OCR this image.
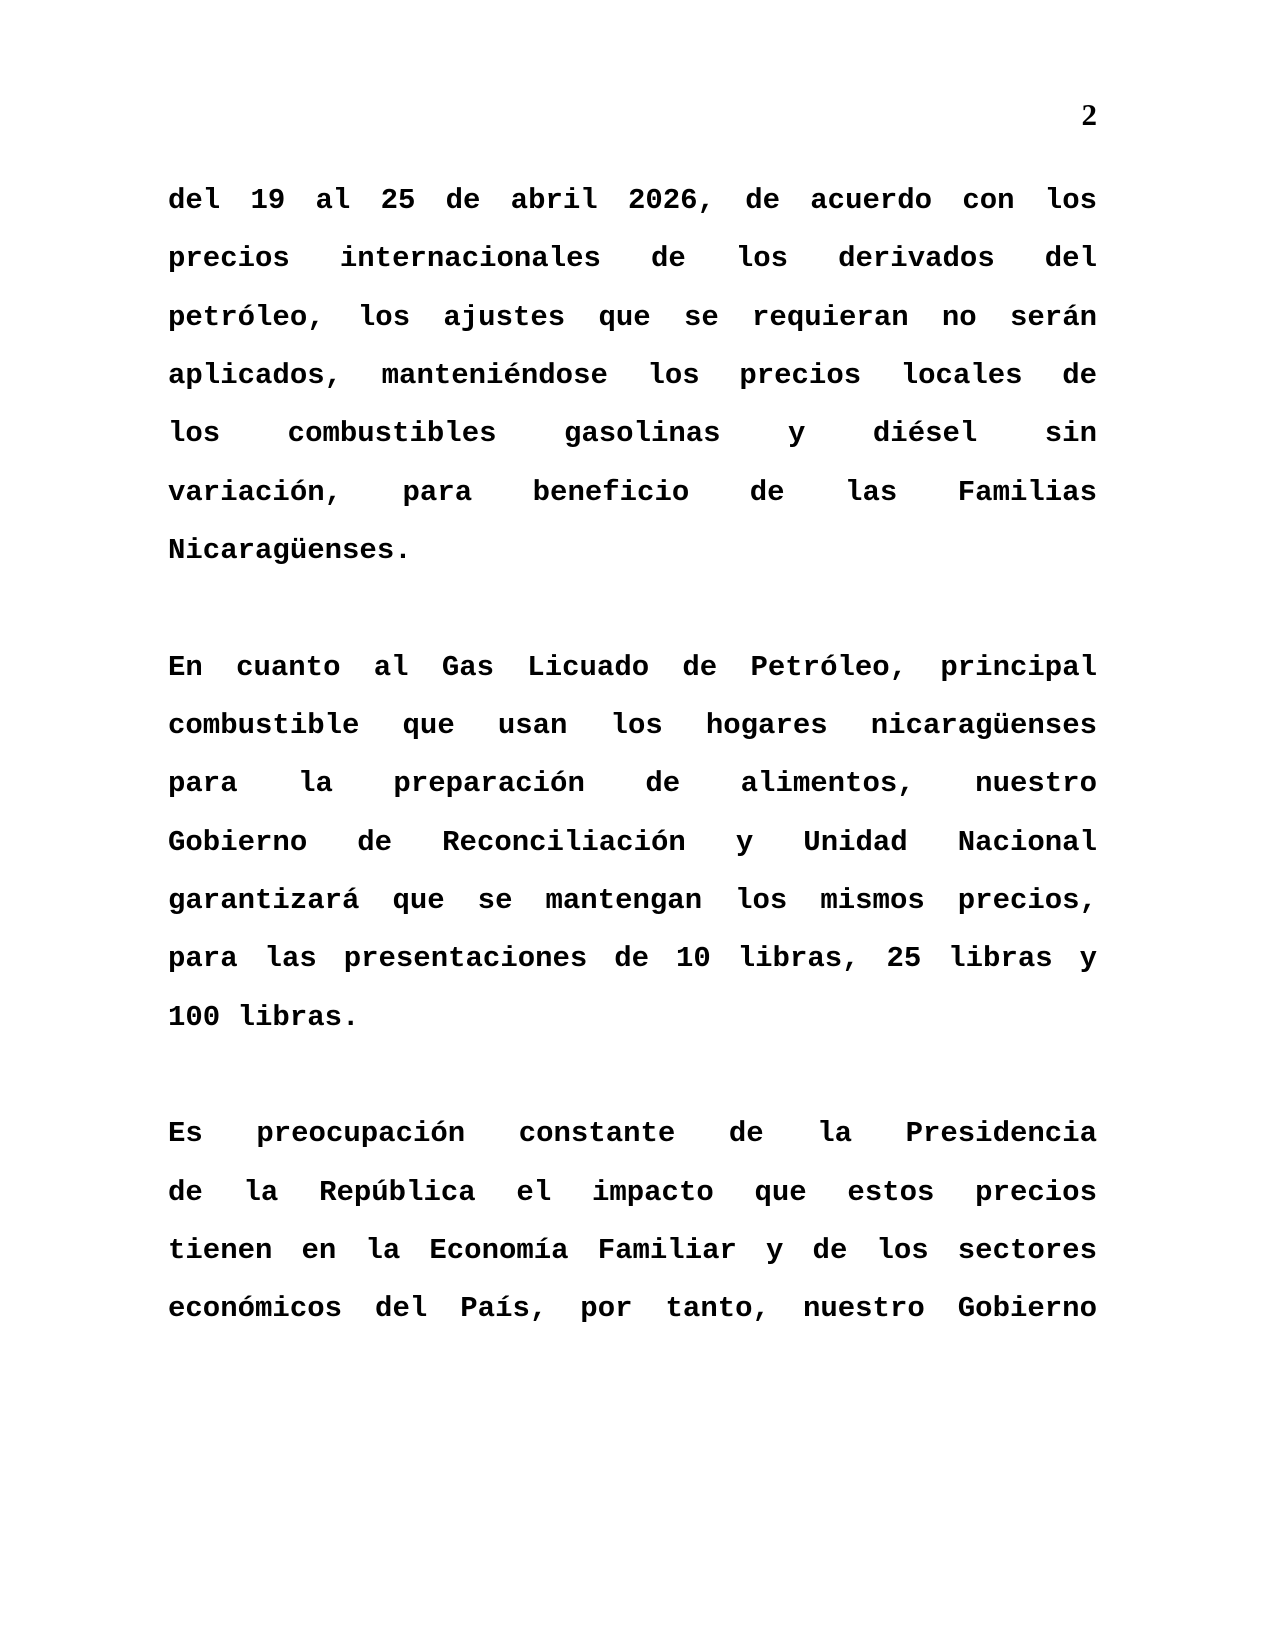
2
del 19 al 25 de abril 2026, de acuerdo con los
precios internacionales de los derivados del
petróleo, los ajustes que se requieran no serán
aplicados, manteniéndose los precios locales de
los combustibles gasolinas y diésel sin
variación, para beneficio de las Familias
Nicaragüenses.
En cuanto al Gas Licuado de Petróleo, principal
combustible que usan los hogares nicaragüenses
para la preparación de alimentos, nuestro
Gobierno de Reconciliación y Unidad Nacional
garantizará que se mantengan los mismos precios,
para las presentaciones de 10 libras, 25 libras y
100 libras.
Es preocupación constante de la Presidencia
de la República el impacto que estos precios
tienen en la Economía Familiar y de los sectores
económicos del País, por tanto, nuestro Gobierno
